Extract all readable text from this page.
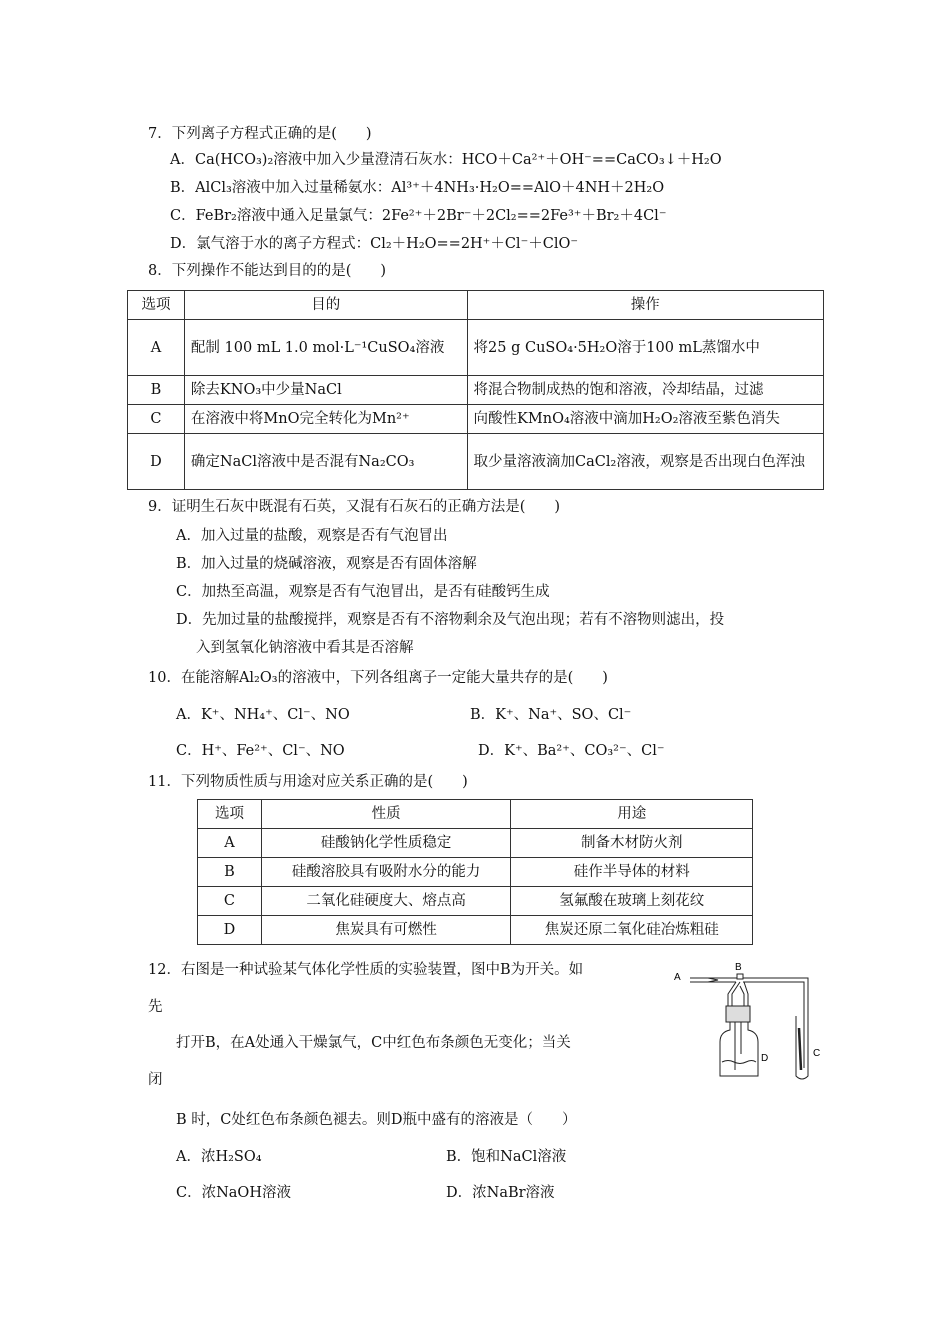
7．下列离子方程式正确的是(　　)
A．Ca(HCO₃)₂溶液中加入少量澄清石灰水：HCO＋Ca²⁺＋OH⁻==CaCO₃↓＋H₂O
B．AlCl₃溶液中加入过量稀氨水：Al³⁺＋4NH₃·H₂O==AlO＋4NH＋2H₂O
C．FeBr₂溶液中通入足量氯气：2Fe²⁺＋2Br⁻＋2Cl₂==2Fe³⁺＋Br₂＋4Cl⁻
D．氯气溶于水的离子方程式：Cl₂＋H₂O==2H⁺＋Cl⁻＋ClO⁻
8．下列操作不能达到目的的是(　　)
选项	目的	操作
A	配制 100 mL 1.0 mol·L⁻¹CuSO₄溶液	将25 g CuSO₄·5H₂O溶于100 mL蒸馏水中
B	除去KNO₃中少量NaCl	将混合物制成热的饱和溶液，冷却结晶，过滤
C	在溶液中将MnO完全转化为Mn²⁺	向酸性KMnO₄溶液中滴加H₂O₂溶液至紫色消失
D	确定NaCl溶液中是否混有Na₂CO₃	取少量溶液滴加CaCl₂溶液，观察是否出现白色浑浊
9．证明生石灰中既混有石英，又混有石灰石的正确方法是(　　)
A．加入过量的盐酸，观察是否有气泡冒出
B．加入过量的烧碱溶液，观察是否有固体溶解
C．加热至高温，观察是否有气泡冒出，是否有硅酸钙生成
D．先加过量的盐酸搅拌，观察是否有不溶物剩余及气泡出现；若有不溶物则滤出，投
入到氢氧化钠溶液中看其是否溶解
10．在能溶解Al₂O₃的溶液中，下列各组离子一定能大量共存的是(　　)
A．K⁺、NH₄⁺、Cl⁻、NO	B．K⁺、Na⁺、SO、Cl⁻
C．H⁺、Fe²⁺、Cl⁻、NO	D．K⁺、Ba²⁺、CO₃²⁻、Cl⁻
11．下列物质性质与用途对应关系正确的是(　　)
选项	性质	用途
A	硅酸钠化学性质稳定	制备木材防火剂
B	硅酸溶胶具有吸附水分的能力	硅作半导体的材料
C	二氧化硅硬度大、熔点高	氢氟酸在玻璃上刻花纹
D	焦炭具有可燃性	焦炭还原二氧化硅冶炼粗硅
12．右图是一种试验某气体化学性质的实验装置，图中B为开关。如
先
打开B，在A处通入干燥氯气，C中红色布条颜色无变化；当关
闭
B 时，C处红色布条颜色褪去。则D瓶中盛有的溶液是（　　）
A．浓H₂SO₄	B．饱和NaCl溶液
C．浓NaOH溶液	D．浓NaBr溶液
A
B
C
D
